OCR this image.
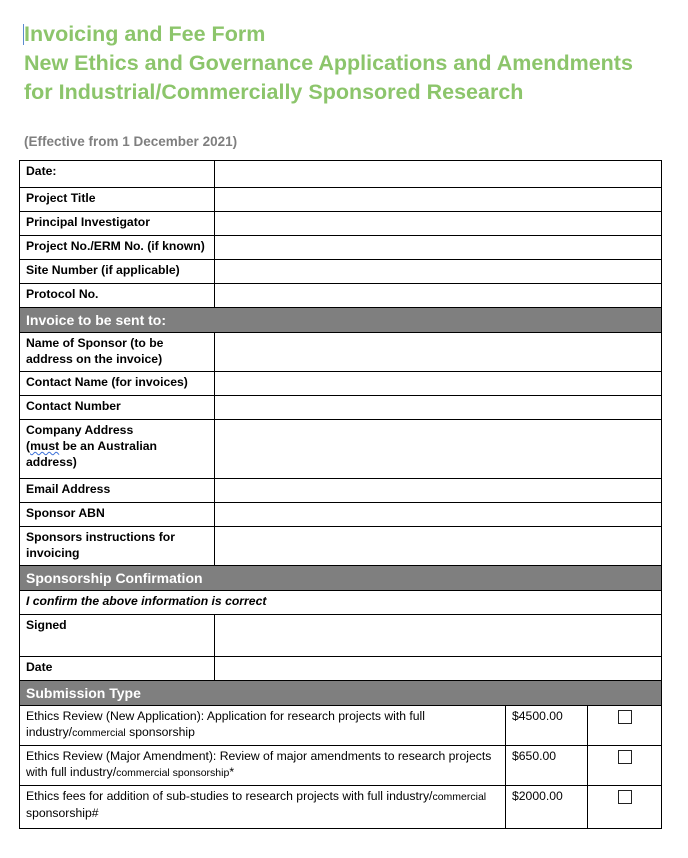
Invoicing and Fee Form
New Ethics and Governance Applications and Amendments
for Industrial/Commercially Sponsored Research
(Effective from 1 December 2021)
Date:			
Project Title			
Principal Investigator			
Project No./ERM No. (if known)			
Site Number (if applicable)			
Protocol No.			
Invoice to be sent to:			
Name of Sponsor (to be address on the invoice)			
Contact Name (for invoices)			
Contact Number			
Company Address
(must be an Australian address)			
Email Address			
Sponsor ABN			
Sponsors instructions for invoicing			
Sponsorship Confirmation			
I confirm the above information is correct			
Signed			
Date			
Submission Type			
Ethics Review (New Application): Application for research projects with full industry/commercial sponsorship		$4500.00	
Ethics Review (Major Amendment): Review of major amendments to research projects with full industry/commercial sponsorship*		$650.00	
Ethics fees for addition of sub-studies to research projects with full industry/commercial sponsorship#		$2000.00	
